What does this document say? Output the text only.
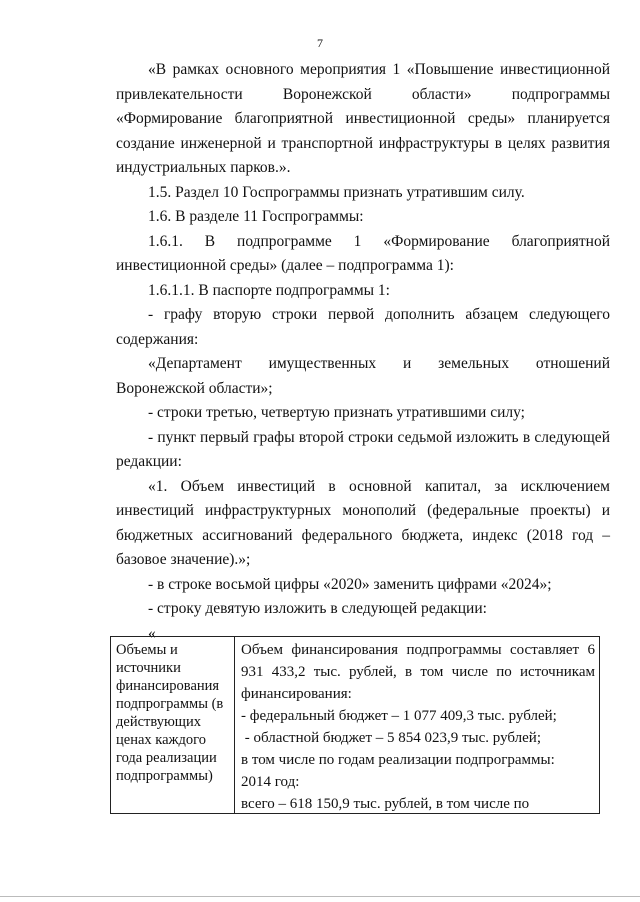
7

«В рамках основного мероприятия 1 «Повышение инвестиционной привлекательности Воронежской области» подпрограммы «Формирование благоприятной инвестиционной среды» планируется создание инженерной и транспортной инфраструктуры в целях развития индустриальных парков.».

1.5. Раздел 10 Госпрограммы признать утратившим силу.

1.6. В разделе 11 Госпрограммы:

1.6.1. В подпрограмме 1 «Формирование благоприятной инвестиционной среды» (далее – подпрограмма 1):

1.6.1.1. В паспорте подпрограммы 1:

- графу вторую строки первой дополнить абзацем следующего содержания:

«Департамент имущественных и земельных отношений Воронежской области»;

- строки третью, четвертую признать утратившими силу;

- пункт первый графы второй строки седьмой изложить в следующей редакции:

«1. Объем инвестиций в основной капитал, за исключением инвестиций инфраструктурных монополий (федеральные проекты) и бюджетных ассигнований федерального бюджета, индекс (2018 год – базовое значение).»;

- в строке восьмой цифры «2020» заменить цифрами «2024»;

- строку девятую изложить в следующей редакции:

«

Объемы и источники финансирования подпрограммы (в действующих ценах каждого года реализации подпрограммы)
Объем финансирования подпрограммы составляет 6 931 433,2 тыс. рублей, в том числе по источникам финансирования:
- федеральный бюджет – 1 077 409,3 тыс. рублей;
- областной бюджет – 5 854 023,9 тыс. рублей;
в том числе по годам реализации подпрограммы:
2014 год:
всего – 618 150,9 тыс. рублей, в том числе по
